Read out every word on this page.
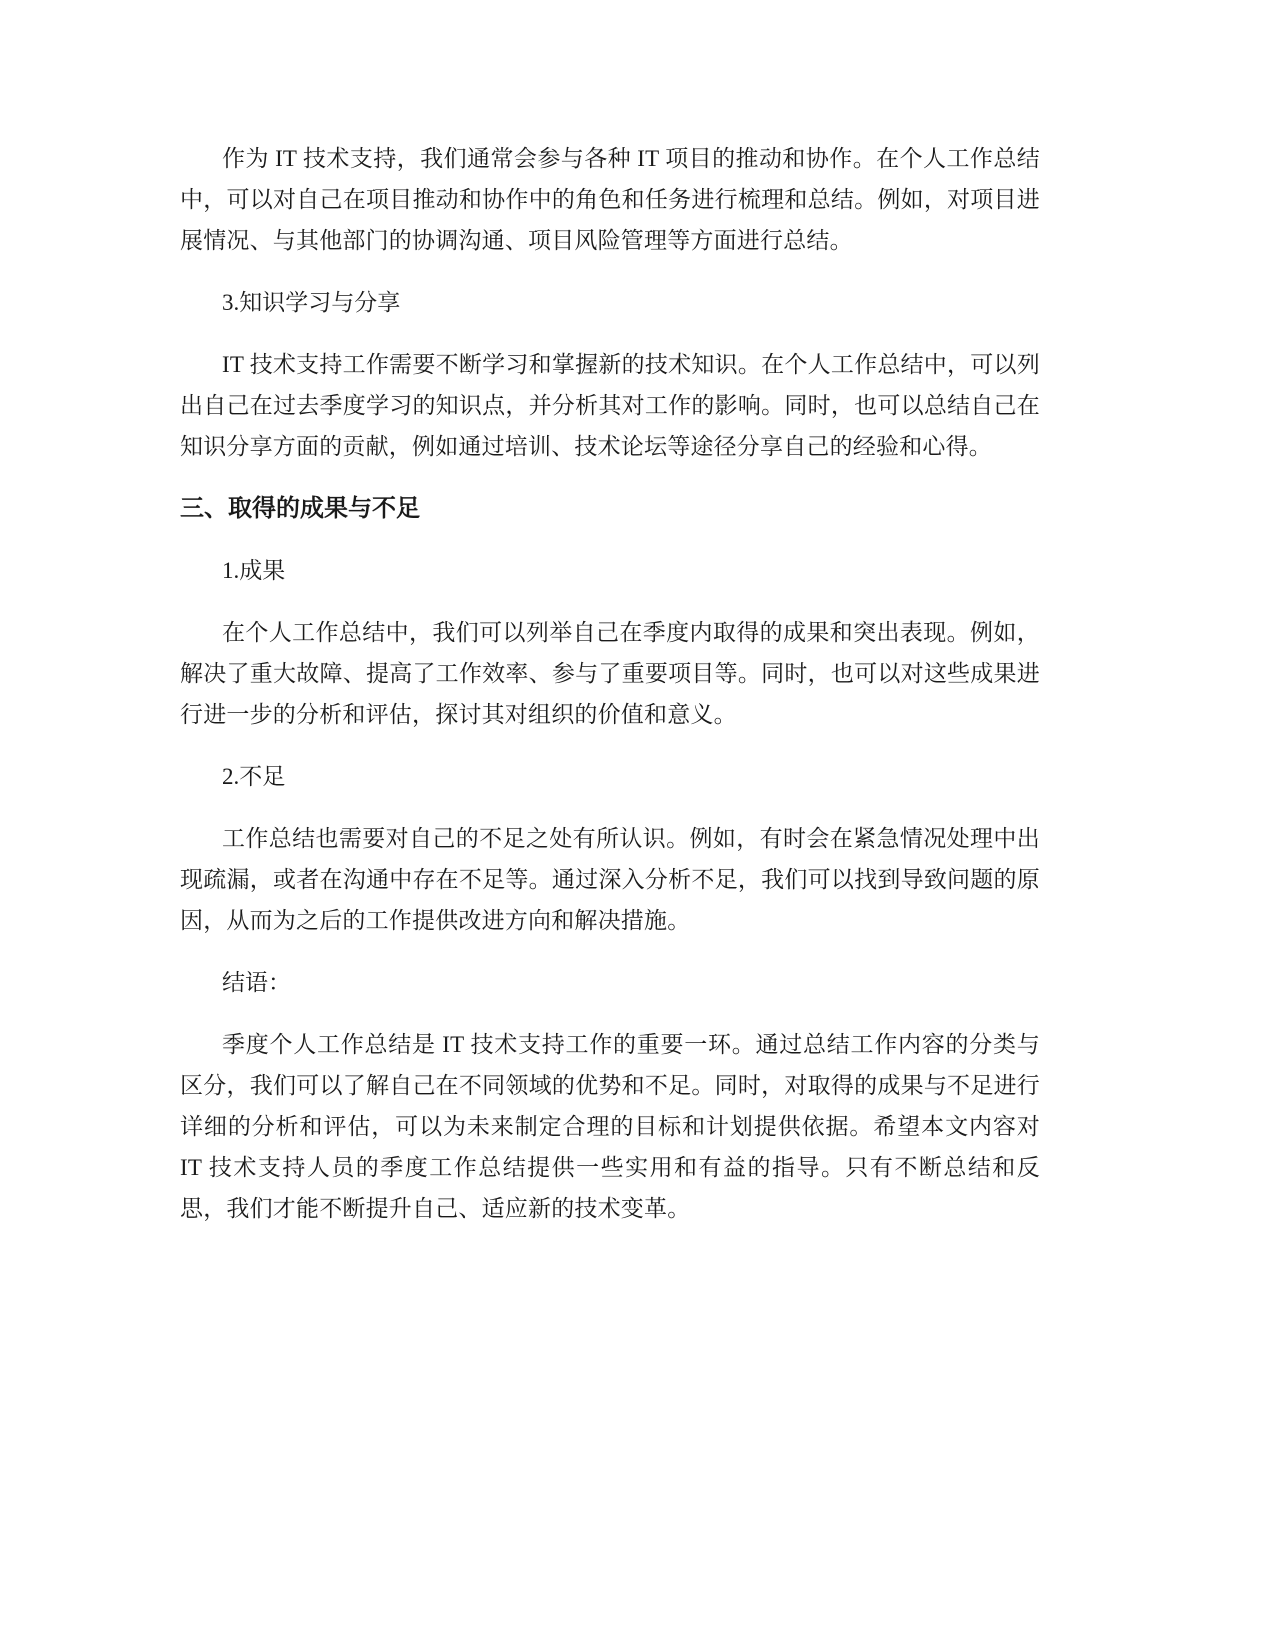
作为 IT 技术支持，我们通常会参与各种 IT 项目的推动和协作。在个人工作总结中，可以对自己在项目推动和协作中的角色和任务进行梳理和总结。例如，对项目进展情况、与其他部门的协调沟通、项目风险管理等方面进行总结。

3.知识学习与分享

IT 技术支持工作需要不断学习和掌握新的技术知识。在个人工作总结中，可以列出自己在过去季度学习的知识点，并分析其对工作的影响。同时，也可以总结自己在知识分享方面的贡献，例如通过培训、技术论坛等途径分享自己的经验和心得。

三、取得的成果与不足

1.成果

在个人工作总结中，我们可以列举自己在季度内取得的成果和突出表现。例如，解决了重大故障、提高了工作效率、参与了重要项目等。同时，也可以对这些成果进行进一步的分析和评估，探讨其对组织的价值和意义。

2.不足

工作总结也需要对自己的不足之处有所认识。例如，有时会在紧急情况处理中出现疏漏，或者在沟通中存在不足等。通过深入分析不足，我们可以找到导致问题的原因，从而为之后的工作提供改进方向和解决措施。

结语：

季度个人工作总结是 IT 技术支持工作的重要一环。通过总结工作内容的分类与区分，我们可以了解自己在不同领域的优势和不足。同时，对取得的成果与不足进行详细的分析和评估，可以为未来制定合理的目标和计划提供依据。希望本文内容对 IT 技术支持人员的季度工作总结提供一些实用和有益的指导。只有不断总结和反思，我们才能不断提升自己、适应新的技术变革。
